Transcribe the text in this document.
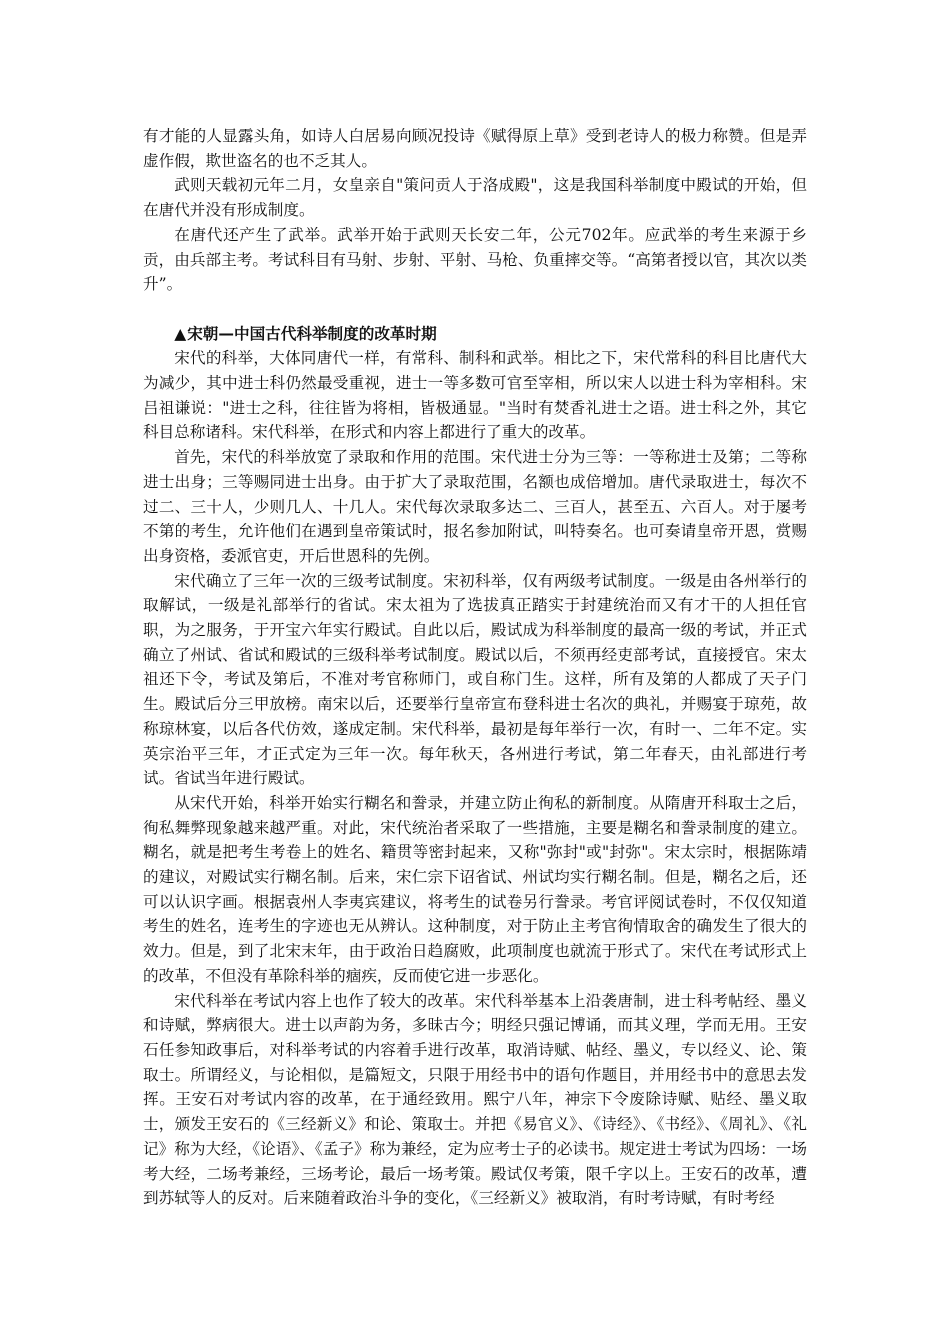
有才能的人显露头角，如诗人白居易向顾况投诗《赋得原上草》受到老诗人的极力称赞。但是弄虚作假，欺世盗名的也不乏其人。

武则天载初元年二月，女皇亲自"策问贡人于洛成殿"，这是我国科举制度中殿试的开始，但在唐代并没有形成制度。

在唐代还产生了武举。武举开始于武则天长安二年，公元702年。应武举的考生来源于乡贡，由兵部主考。考试科目有马射、步射、平射、马枪、负重摔交等。“高第者授以官，其次以类升”。

▲宋朝—中国古代科举制度的改革时期

宋代的科举，大体同唐代一样，有常科、制科和武举。相比之下，宋代常科的科目比唐代大为减少，其中进士科仍然最受重视，进士一等多数可官至宰相，所以宋人以进士科为宰相科。宋吕祖谦说："进士之科，往往皆为将相，皆极通显。"当时有焚香礼进士之语。进士科之外，其它科目总称诸科。宋代科举，在形式和内容上都进行了重大的改革。

首先，宋代的科举放宽了录取和作用的范围。宋代进士分为三等：一等称进士及第；二等称进士出身；三等赐同进士出身。由于扩大了录取范围，名额也成倍增加。唐代录取进士，每次不过二、三十人，少则几人、十几人。宋代每次录取多达二、三百人，甚至五、六百人。对于屡考不第的考生，允许他们在遇到皇帝策试时，报名参加附试，叫特奏名。也可奏请皇帝开恩，赏赐出身资格，委派官吏，开后世恩科的先例。

宋代确立了三年一次的三级考试制度。宋初科举，仅有两级考试制度。一级是由各州举行的取解试，一级是礼部举行的省试。宋太祖为了选拔真正踏实于封建统治而又有才干的人担任官职，为之服务，于开宝六年实行殿试。自此以后，殿试成为科举制度的最高一级的考试，并正式确立了州试、省试和殿试的三级科举考试制度。殿试以后，不须再经吏部考试，直接授官。宋太祖还下令，考试及第后，不准对考官称师门，或自称门生。这样，所有及第的人都成了天子门生。殿试后分三甲放榜。南宋以后，还要举行皇帝宣布登科进士名次的典礼，并赐宴于琼苑，故称琼林宴，以后各代仿效，遂成定制。宋代科举，最初是每年举行一次，有时一、二年不定。实英宗治平三年，才正式定为三年一次。每年秋天，各州进行考试，第二年春天，由礼部进行考试。省试当年进行殿试。

从宋代开始，科举开始实行糊名和誊录，并建立防止徇私的新制度。从隋唐开科取士之后，徇私舞弊现象越来越严重。对此，宋代统治者采取了一些措施，主要是糊名和誊录制度的建立。糊名，就是把考生考卷上的姓名、籍贯等密封起来，又称"弥封"或"封弥"。宋太宗时，根据陈靖的建议，对殿试实行糊名制。后来，宋仁宗下诏省试、州试均实行糊名制。但是，糊名之后，还可以认识字画。根据袁州人李夷宾建议，将考生的试卷另行誊录。考官评阅试卷时，不仅仅知道考生的姓名，连考生的字迹也无从辨认。这种制度，对于防止主考官徇情取舍的确发生了很大的效力。但是，到了北宋末年，由于政治日趋腐败，此项制度也就流于形式了。宋代在考试形式上的改革，不但没有革除科举的痼疾，反而使它进一步恶化。

宋代科举在考试内容上也作了较大的改革。宋代科举基本上沿袭唐制，进士科考帖经、墨义和诗赋，弊病很大。进士以声韵为务，多昧古今；明经只强记博诵，而其义理，学而无用。王安石任参知政事后，对科举考试的内容着手进行改革，取消诗赋、帖经、墨义，专以经义、论、策取士。所谓经义，与论相似，是篇短文，只限于用经书中的语句作题目，并用经书中的意思去发挥。王安石对考试内容的改革，在于通经致用。熙宁八年，神宗下令废除诗赋、贴经、墨义取士，颁发王安石的《三经新义》和论、策取士。并把《易官义》、《诗经》、《书经》、《周礼》、《礼记》称为大经，《论语》、《孟子》称为兼经，定为应考士子的必读书。规定进士考试为四场：一场考大经，二场考兼经，三场考论，最后一场考策。殿试仅考策，限千字以上。王安石的改革，遭到苏轼等人的反对。后来随着政治斗争的变化，《三经新义》被取消，有时考诗赋，有时考经
